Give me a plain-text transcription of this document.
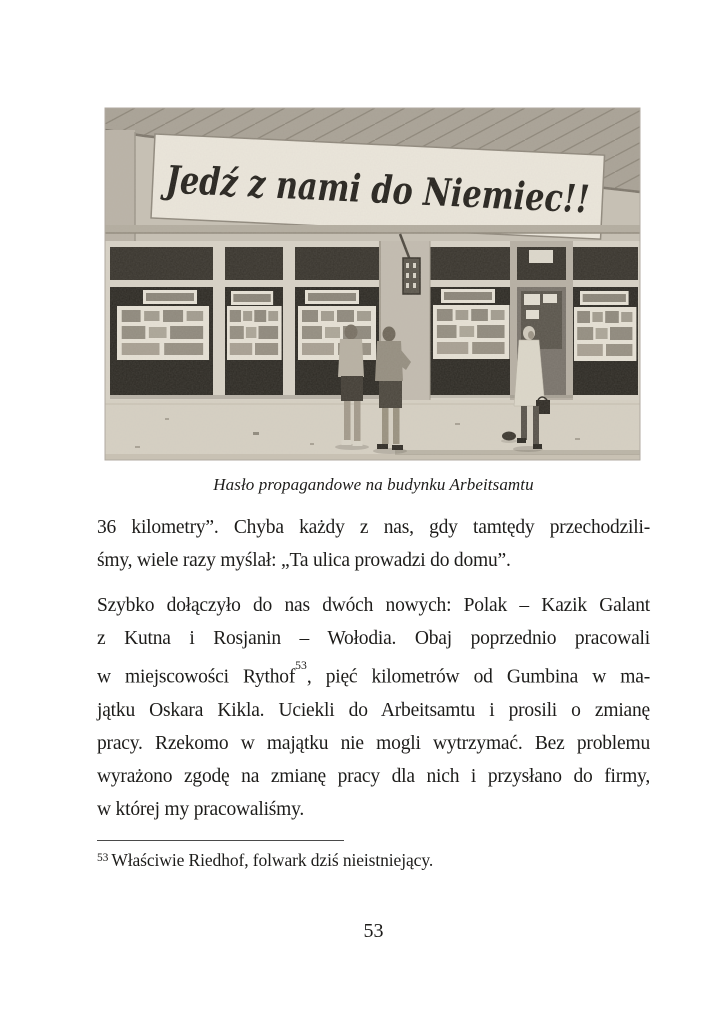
Hasło propagandowe na budynku Arbeitsamtu
36 kilometry”. Chyba każdy z nas, gdy tamtędy przechodzili-
śmy, wiele razy myślał: „Ta ulica prowadzi do domu”.
Szybko dołączyło do nas dwóch nowych: Polak – Kazik Galant
z Kutna i Rosjanin – Wołodia. Obaj poprzednio pracowali
w miejscowości Rythof$^{53}$, pięć kilometrów od Gumbina w ma-
jątku Oskara Kikla. Uciekli do Arbeitsamtu i prosili o zmianę
pracy. Rzekomo w majątku nie mogli wytrzymać. Bez problemu
wyrażono zgodę na zmianę pracy dla nich i przysłano do firmy,
w której my pracowaliśmy.
$^{53}$ Właściwie Riedhof, folwark dziś nieistniejący.
53
